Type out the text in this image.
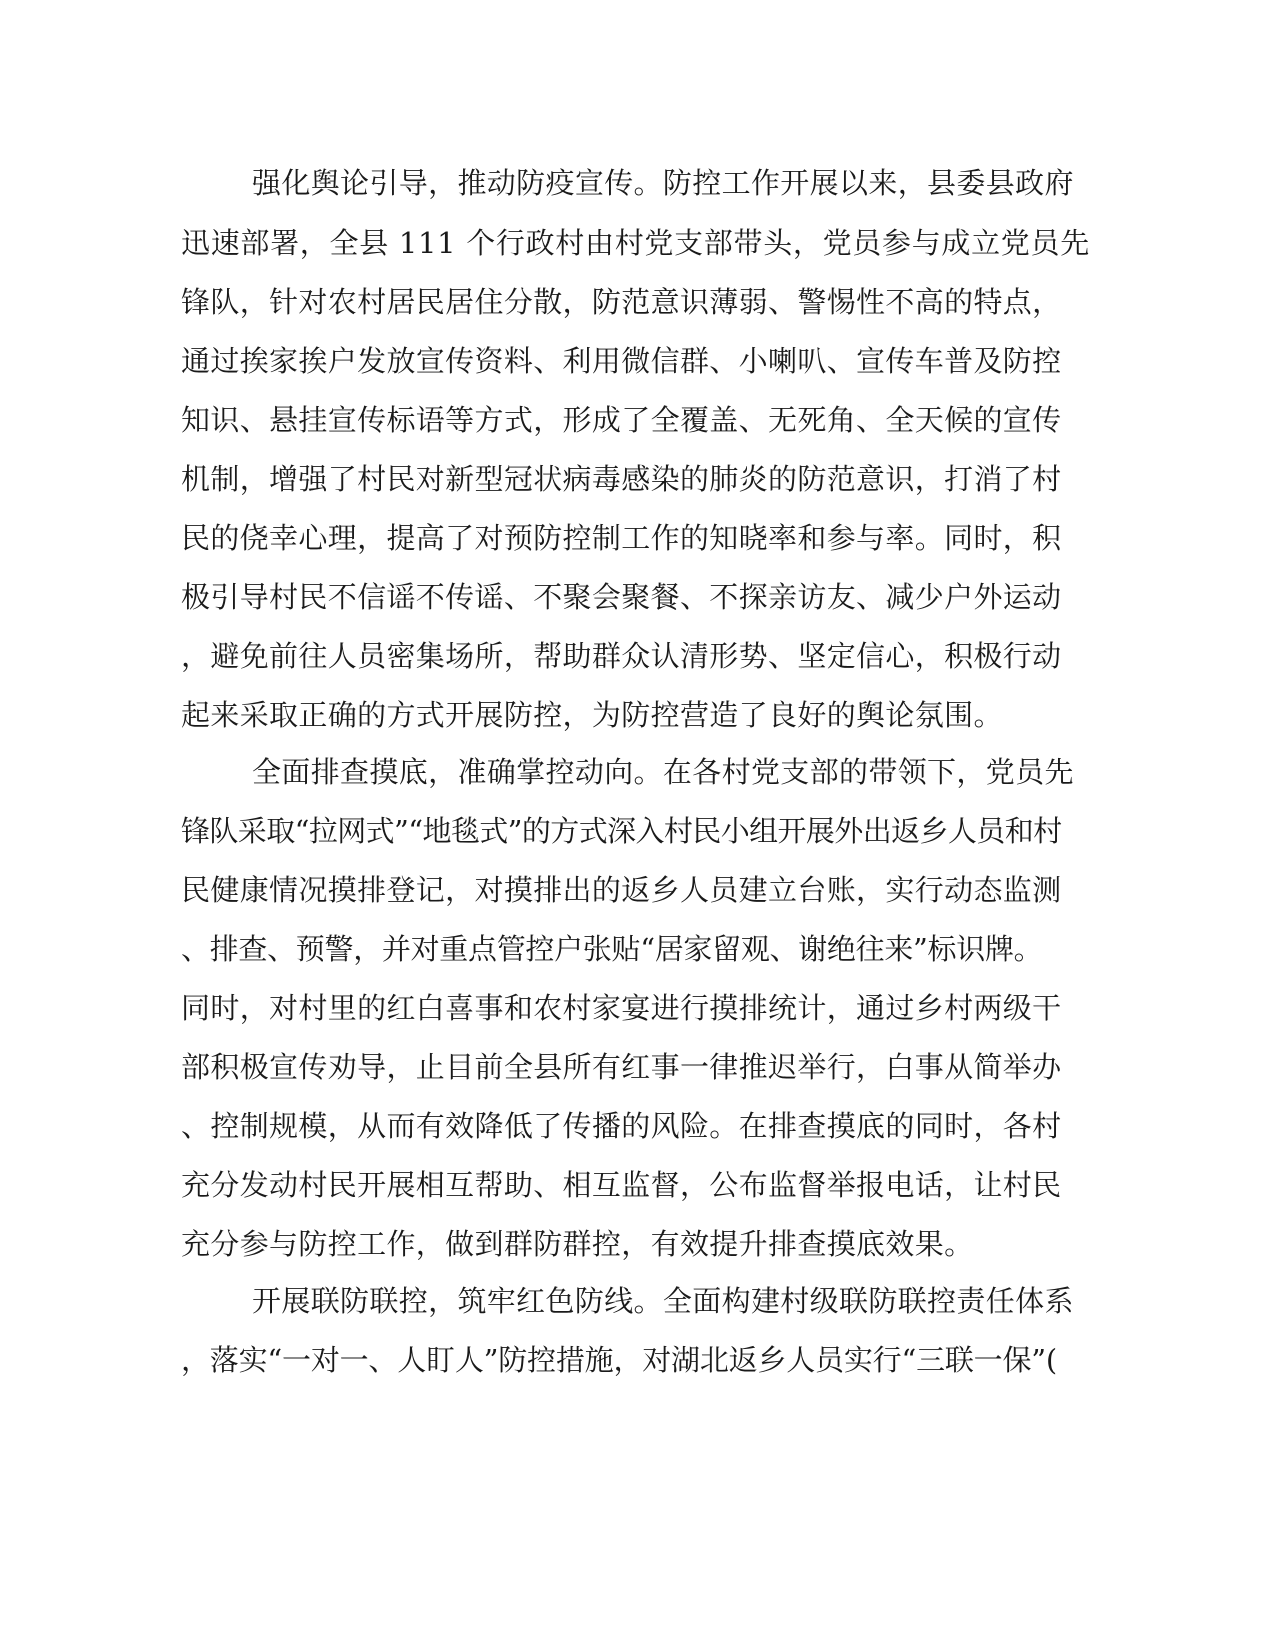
强化舆论引导，推动防疫宣传。防控工作开展以来，县委县政府

迅速部署，全县 111 个行政村由村党支部带头，党员参与成立党员先

锋队，针对农村居民居住分散，防范意识薄弱、警惕性不高的特点，

通过挨家挨户发放宣传资料、利用微信群、小喇叭、宣传车普及防控

知识、悬挂宣传标语等方式，形成了全覆盖、无死角、全天候的宣传

机制，增强了村民对新型冠状病毒感染的肺炎的防范意识，打消了村

民的侥幸心理，提高了对预防控制工作的知晓率和参与率。同时，积

极引导村民不信谣不传谣、不聚会聚餐、不探亲访友、减少户外运动

，避免前往人员密集场所，帮助群众认清形势、坚定信心，积极行动

起来采取正确的方式开展防控，为防控营造了良好的舆论氛围。

全面排查摸底，准确掌控动向。在各村党支部的带领下，党员先

锋队采取“拉网式”“地毯式”的方式深入村民小组开展外出返乡人员和村

民健康情况摸排登记，对摸排出的返乡人员建立台账，实行动态监测

、排查、预警，并对重点管控户张贴“居家留观、谢绝往来”标识牌。

同时，对村里的红白喜事和农村家宴进行摸排统计，通过乡村两级干

部积极宣传劝导，止目前全县所有红事一律推迟举行，白事从简举办

、控制规模，从而有效降低了传播的风险。在排查摸底的同时，各村

充分发动村民开展相互帮助、相互监督，公布监督举报电话，让村民

充分参与防控工作，做到群防群控，有效提升排查摸底效果。

开展联防联控，筑牢红色防线。全面构建村级联防联控责任体系

，落实“一对一、人盯人”防控措施，对湖北返乡人员实行“三联一保”(
